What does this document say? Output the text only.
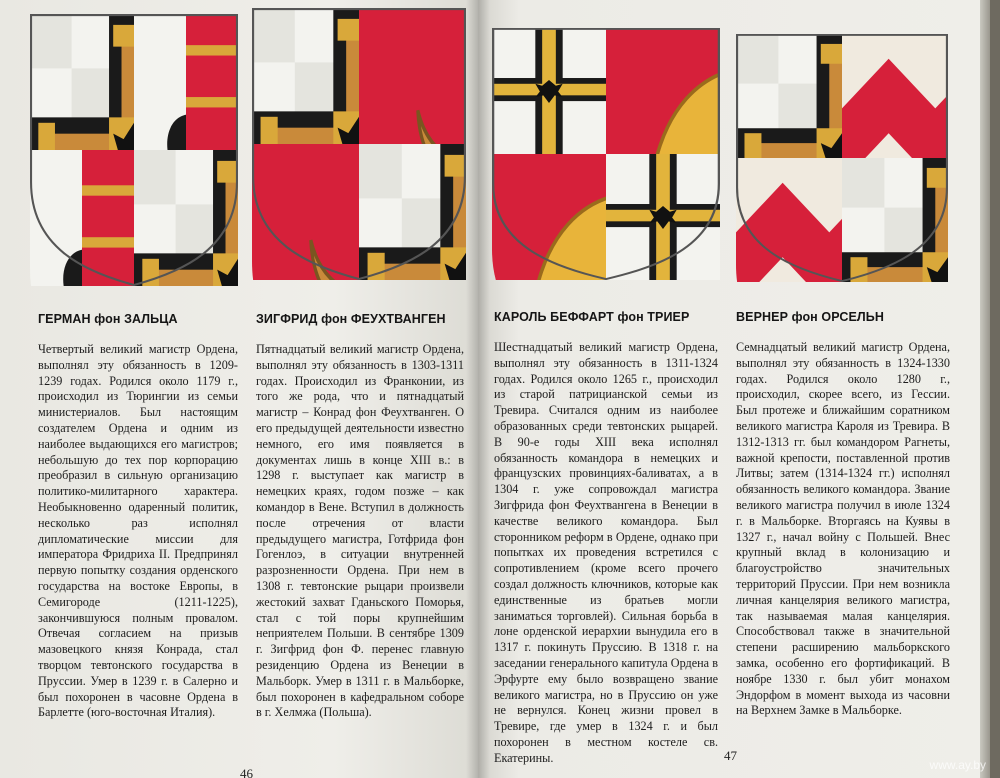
ГЕРМАН фон ЗАЛЬЦА
Четвертый великий магистр Ордена, выполнял эту обязанность в 1209-1239 годах. Родился около 1179 г., происходил из Тюрингии из семьи министериалов. Был настоящим создателем Ордена и одним из наиболее выдающихся его магистров; небольшую до тех пор корпорацию преобразил в сильную организацию политико-милитарного характера. Необыкновенно одаренный политик, несколько раз исполнял дипломатические миссии для императора Фридриха II. Предпринял первую попытку создания орденского государства на востоке Европы, в Семигороде (1211-1225), закончившуюся полным провалом. Отвечая согласием на призыв мазовецкого князя Конрада, стал творцом тевтонского государства в Пруссии. Умер в 1239 г. в Салерно и был похоронен в часовне Ордена в Барлетте (юго-восточная Италия).
ЗИГФРИД фон ФЕУХТВАНГЕН
Пятнадцатый великий магистр Ордена, выполнял эту обязанность в 1303-1311 годах. Происходил из Франконии, из того же рода, что и пятнадцатый магистр – Конрад фон Феухтванген. О его предыдущей деятельности известно немного, его имя появляется в документах лишь в конце XIII в.: в 1298 г. выступает как магистр в немецких краях, годом позже – как командор в Вене. Вступил в должность после отречения от власти предыдущего магистра, Готфрида фон Гогенлоэ, в ситуации внутренней разрозненности Ордена. При нем в 1308 г. тевтонские рыцари произвели жестокий захват Гданьского Поморья, стал с той поры крупнейшим неприятелем Польши. В сентябре 1309 г. Зигфрид фон Ф. перенес главную резиденцию Ордена из Венеции в Мальборк. Умер в 1311 г. в Мальборке, был похоронен в кафедральном соборе в г. Хелмжа (Польша).
46
КАРОЛЬ БЕФФАРТ фон ТРИЕР
Шестнадцатый великий магистр Ордена, выполнял эту обязанность в 1311-1324 годах. Родился около 1265 г., происходил из старой патрицианской семьи из Тревира. Считался одним из наиболее образованных среди тевтонских рыцарей. В 90-е годы XIII века исполнял обязанность командора в немецких и французских провинциях-баливатах, а в 1304 г. уже сопровождал магистра Зигфрида фон Феухтвангена в Венеции в качестве великого командора. Был сторонником реформ в Ордене, однако при попытках их проведения встретился с сопротивлением (кроме всего прочего создал должность ключников, которые как единственные из братьев могли заниматься торговлей). Сильная борьба в лоне орденской иерархии вынудила его в 1317 г. покинуть Пруссию. В 1318 г. на заседании генерального капитула Ордена в Эрфурте ему было возвращено звание великого магистра, но в Пруссию он уже не вернулся. Конец жизни провел в Тревире, где умер в 1324 г. и был похоронен в местном костеле св. Екатерины.
ВЕРНЕР фон ОРСЕЛЬН
Семнадцатый великий магистр Ордена, выполнял эту обязанность в 1324-1330 годах. Родился около 1280 г., происходил, скорее всего, из Гессии. Был протеже и ближайшим соратником великого магистра Кароля из Тревира. В 1312-1313 гг. был командором Рагнеты, важной крепости, поставленной против Литвы; затем (1314-1324 гг.) исполнял обязанность великого командора. Звание великого магистра получил в июле 1324 г. в Мальборке. Вторгаясь на Куявы в 1327 г., начал войну с Польшей. Внес крупный вклад в колонизацию и благоустройство значительных территорий Пруссии. При нем возникла личная канцелярия великого магистра, так называемая малая канцелярия. Способствовал также в значительной степени расширению мальборкского замка, особенно его фортификаций. В ноябре 1330 г. был убит монахом Эндорфом в момент выхода из часовни на Верхнем Замке в Мальборке.
47
www.ay.by
